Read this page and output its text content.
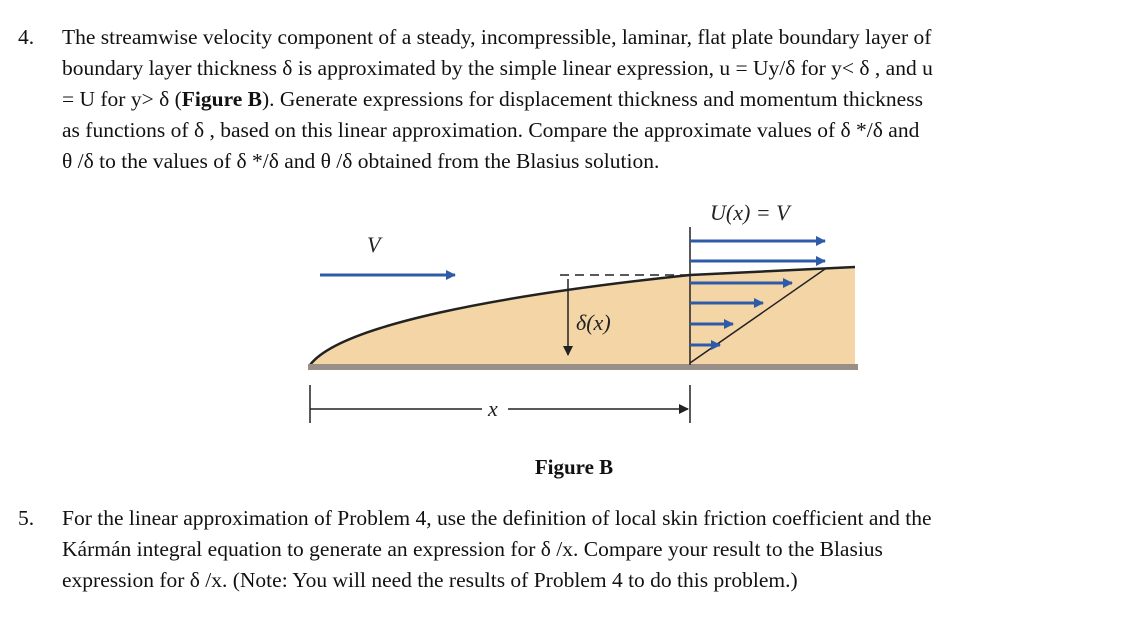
4. The streamwise velocity component of a steady, incompressible, laminar, flat plate boundary layer of
boundary layer thickness δ is approximated by the simple linear expression, u = Uy/δ for y< δ , and u
= U for y> δ (Figure B). Generate expressions for displacement thickness and momentum thickness
as functions of δ , based on this linear approximation. Compare the approximate values of δ */δ and
θ /δ to the values of δ */δ and θ /δ obtained from the Blasius solution.
V
δ(x)
U(x) = V
x
Figure B
5. For the linear approximation of Problem 4, use the definition of local skin friction coefficient and the
Kármán integral equation to generate an expression for δ /x. Compare your result to the Blasius
expression for δ /x. (Note: You will need the results of Problem 4 to do this problem.)
